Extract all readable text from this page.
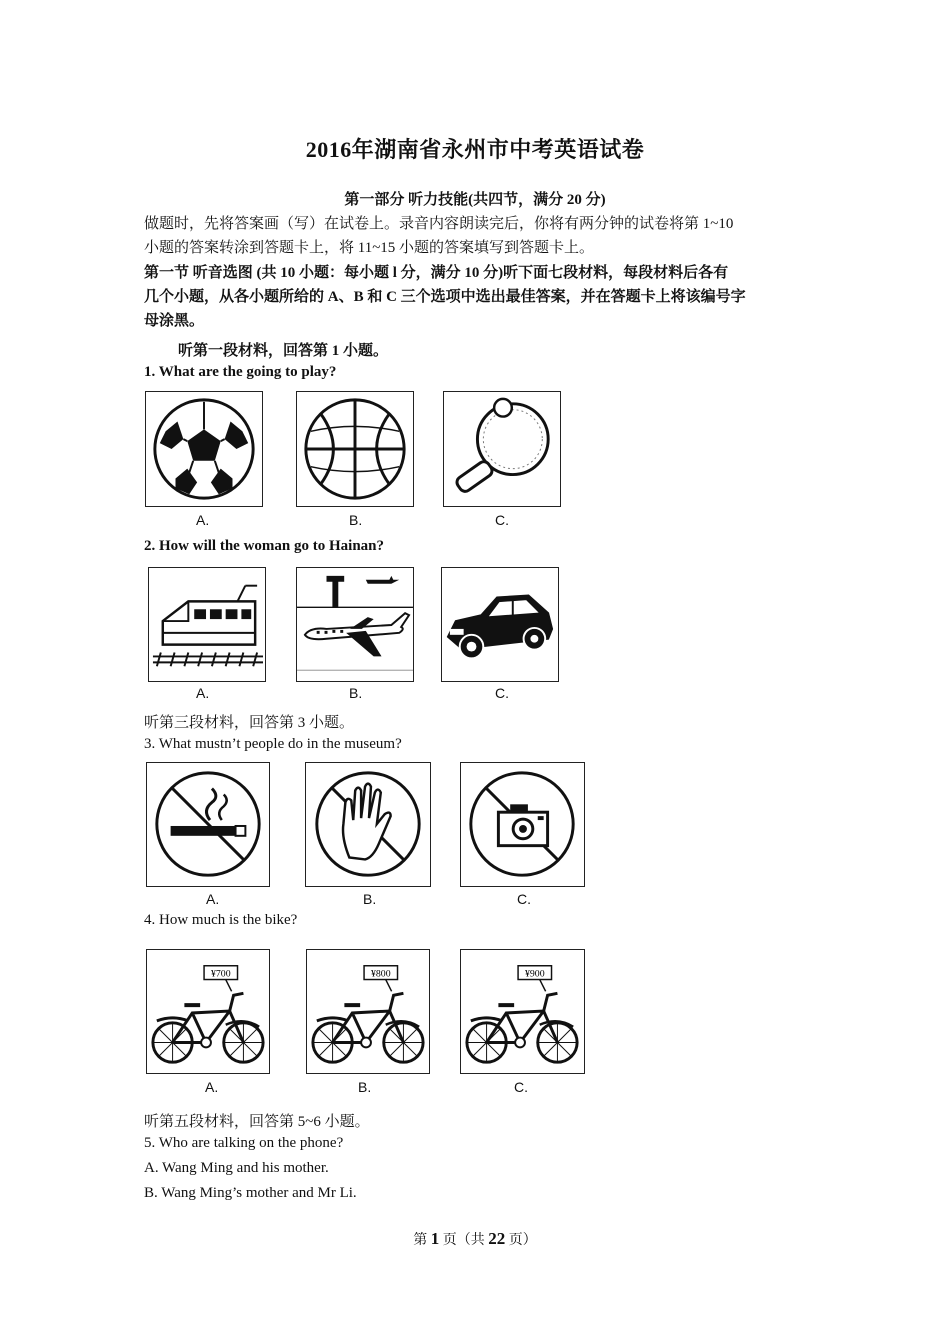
2016年湖南省永州市中考英语试卷
第一部分 听力技能(共四节，满分 20 分)
做题时，先将答案画（写）在试卷上。录音内容朗读完后，你将有两分钟的试卷将第 1~10
小题的答案转涂到答题卡上，将 11~15 小题的答案填写到答题卡上。
第一节 听音选图 (共 10 小题：每小题 l 分，满分 10 分)听下面七段材料，每段材料后各有
几个小题，从各小题所给的 A、B 和 C 三个选项中选出最佳答案，并在答题卡上将该编号字
母涂黑。
听第一段材料，回答第 1 小题。
1. What are the going to play?
A.	B.	C.
2. How will the woman go to Hainan?
A.	B.	C.
听第三段材料，回答第 3 小题。
3. What mustn’t people do in the museum?
A.	B.	C.
4. How much is the bike?
¥700
A.
¥800
B.
¥900
C.
听第五段材料，回答第 5~6 小题。
5. Who are talking on the phone?
A. Wang Ming and his mother.
B. Wang Ming’s mother and Mr Li.
第 1 页（共 22 页）
